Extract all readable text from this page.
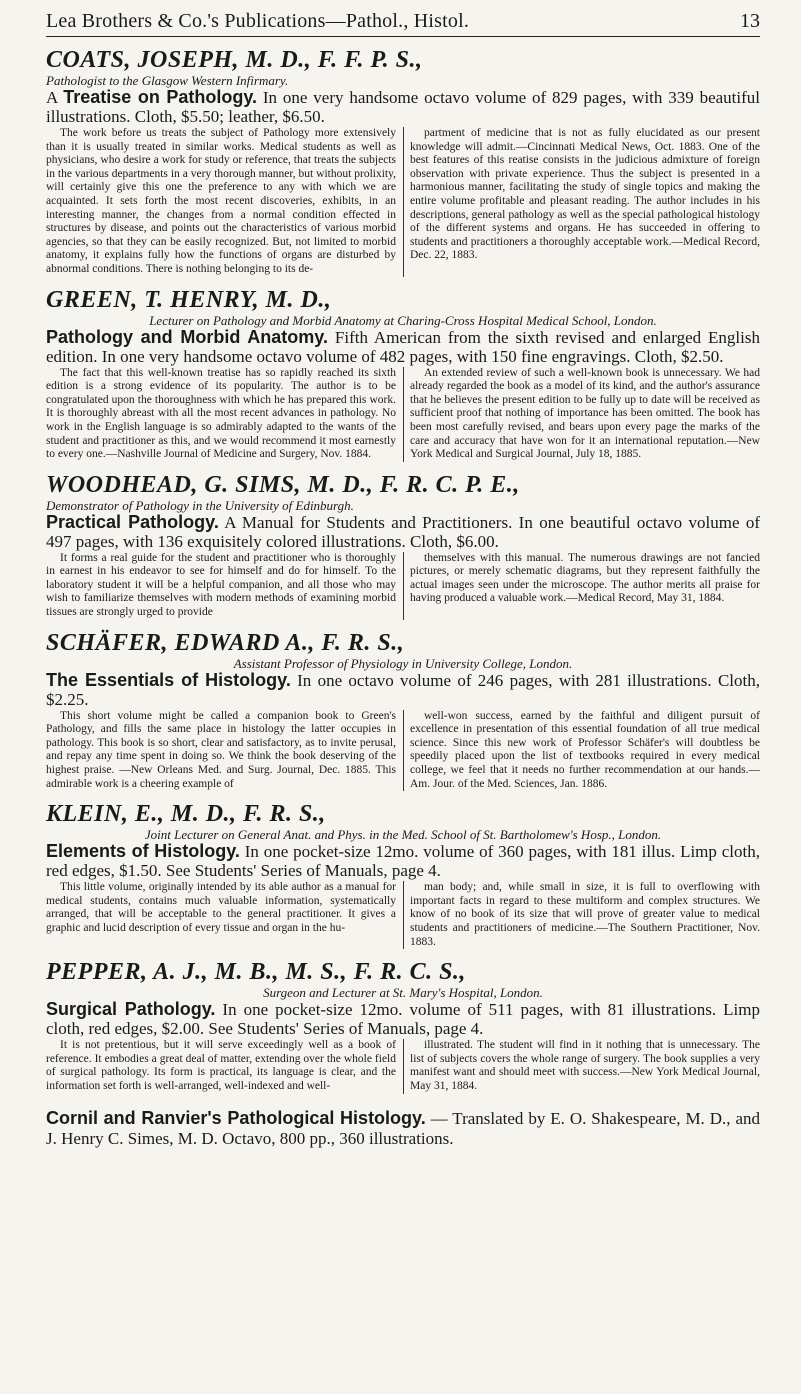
Lea Brothers & Co.'s Publications—Pathol., Histol.	13
COATS, JOSEPH, M. D., F. F. P. S.,
Pathologist to the Glasgow Western Infirmary.
A Treatise on Pathology. In one very handsome octavo volume of 829 pages, with 339 beautiful illustrations. Cloth, $5.50; leather, $6.50.
The work before us treats the subject of Pathology more extensively than it is usually treated in similar works. Medical students as well as physicians, who desire a work for study or reference, that treats the subjects in the various departments in a very thorough manner, but without prolixity, will certainly give this one the preference to any with which we are acquainted. It sets forth the most recent discoveries, exhibits, in an interesting manner, the changes from a normal condition effected in structures by disease, and points out the characteristics of various morbid agencies, so that they can be easily recognized. But, not limited to morbid anatomy, it explains fully how the functions of organs are disturbed by abnormal conditions. There is nothing belonging to its de-
partment of medicine that is not as fully elucidated as our present knowledge will admit.—Cincinnati Medical News, Oct. 1883. One of the best features of this reatise consists in the judicious admixture of foreign observation with private experience. Thus the subject is presented in a harmonious manner, facilitating the study of single topics and making the entire volume profitable and pleasant reading. The author includes in his descriptions, general pathology as well as the special pathological histology of the different systems and organs. He has succeeded in offering to students and practitioners a thoroughly acceptable work.—Medical Record, Dec. 22, 1883.
GREEN, T. HENRY, M. D.,
Lecturer on Pathology and Morbid Anatomy at Charing-Cross Hospital Medical School, London.
Pathology and Morbid Anatomy. Fifth American from the sixth revised and enlarged English edition. In one very handsome octavo volume of 482 pages, with 150 fine engravings. Cloth, $2.50.
The fact that this well-known treatise has so rapidly reached its sixth edition is a strong evidence of its popularity. The author is to be congratulated upon the thoroughness with which he has prepared this work. It is thoroughly abreast with all the most recent advances in pathology. No work in the English language is so admirably adapted to the wants of the student and practitioner as this, and we would recommend it most earnestly to every one.—Nashville Journal of Medicine and Surgery, Nov. 1884.
An extended review of such a well-known book is unnecessary. We had already regarded the book as a model of its kind, and the author's assurance that he believes the present edition to be fully up to date will be received as sufficient proof that nothing of importance has been omitted. The book has been most carefully revised, and bears upon every page the marks of the care and accuracy that have won for it an international reputation.—New York Medical and Surgical Journal, July 18, 1885.
WOODHEAD, G. SIMS, M. D., F. R. C. P. E.,
Demonstrator of Pathology in the University of Edinburgh.
Practical Pathology. A Manual for Students and Practitioners. In one beautiful octavo volume of 497 pages, with 136 exquisitely colored illustrations. Cloth, $6.00.
It forms a real guide for the student and practitioner who is thoroughly in earnest in his endeavor to see for himself and do for himself. To the laboratory student it will be a helpful companion, and all those who may wish to familiarize themselves with modern methods of examining morbid tissues are strongly urged to provide
themselves with this manual. The numerous drawings are not fancied pictures, or merely schematic diagrams, but they represent faithfully the actual images seen under the microscope. The author merits all praise for having produced a valuable work.—Medical Record, May 31, 1884.
SCHÄFER, EDWARD A., F. R. S.,
Assistant Professor of Physiology in University College, London.
The Essentials of Histology. In one octavo volume of 246 pages, with 281 illustrations. Cloth, $2.25.
This short volume might be called a companion book to Green's Pathology, and fills the same place in histology the latter occupies in pathology. This book is so short, clear and satisfactory, as to invite perusal, and repay any time spent in doing so. We think the book deserving of the highest praise. —New Orleans Med. and Surg. Journal, Dec. 1885. This admirable work is a cheering example of
well-won success, earned by the faithful and diligent pursuit of excellence in presentation of this essential foundation of all true medical science. Since this new work of Professor Schäfer's will doubtless be speedily placed upon the list of textbooks required in every medical college, we feel that it needs no further recommendation at our hands.—Am. Jour. of the Med. Sciences, Jan. 1886.
KLEIN, E., M. D., F. R. S.,
Joint Lecturer on General Anat. and Phys. in the Med. School of St. Bartholomew's Hosp., London.
Elements of Histology. In one pocket-size 12mo. volume of 360 pages, with 181 illus. Limp cloth, red edges, $1.50. See Students' Series of Manuals, page 4.
This little volume, originally intended by its able author as a manual for medical students, contains much valuable information, systematically arranged, that will be acceptable to the general practitioner. It gives a graphic and lucid description of every tissue and organ in the hu-
man body; and, while small in size, it is full to overflowing with important facts in regard to these multiform and complex structures. We know of no book of its size that will prove of greater value to medical students and practitioners of medicine.—The Southern Practitioner, Nov. 1883.
PEPPER, A. J., M. B., M. S., F. R. C. S.,
Surgeon and Lecturer at St. Mary's Hospital, London.
Surgical Pathology. In one pocket-size 12mo. volume of 511 pages, with 81 illustrations. Limp cloth, red edges, $2.00. See Students' Series of Manuals, page 4.
It is not pretentious, but it will serve exceedingly well as a book of reference. It embodies a great deal of matter, extending over the whole field of surgical pathology. Its form is practical, its language is clear, and the information set forth is well-arranged, well-indexed and well-
illustrated. The student will find in it nothing that is unnecessary. The list of subjects covers the whole range of surgery. The book supplies a very manifest want and should meet with success.—New York Medical Journal, May 31, 1884.
Cornil and Ranvier's Pathological Histology. — Translated by E. O. Shakespeare, M. D., and J. Henry C. Simes, M. D. Octavo, 800 pp., 360 illustrations.
